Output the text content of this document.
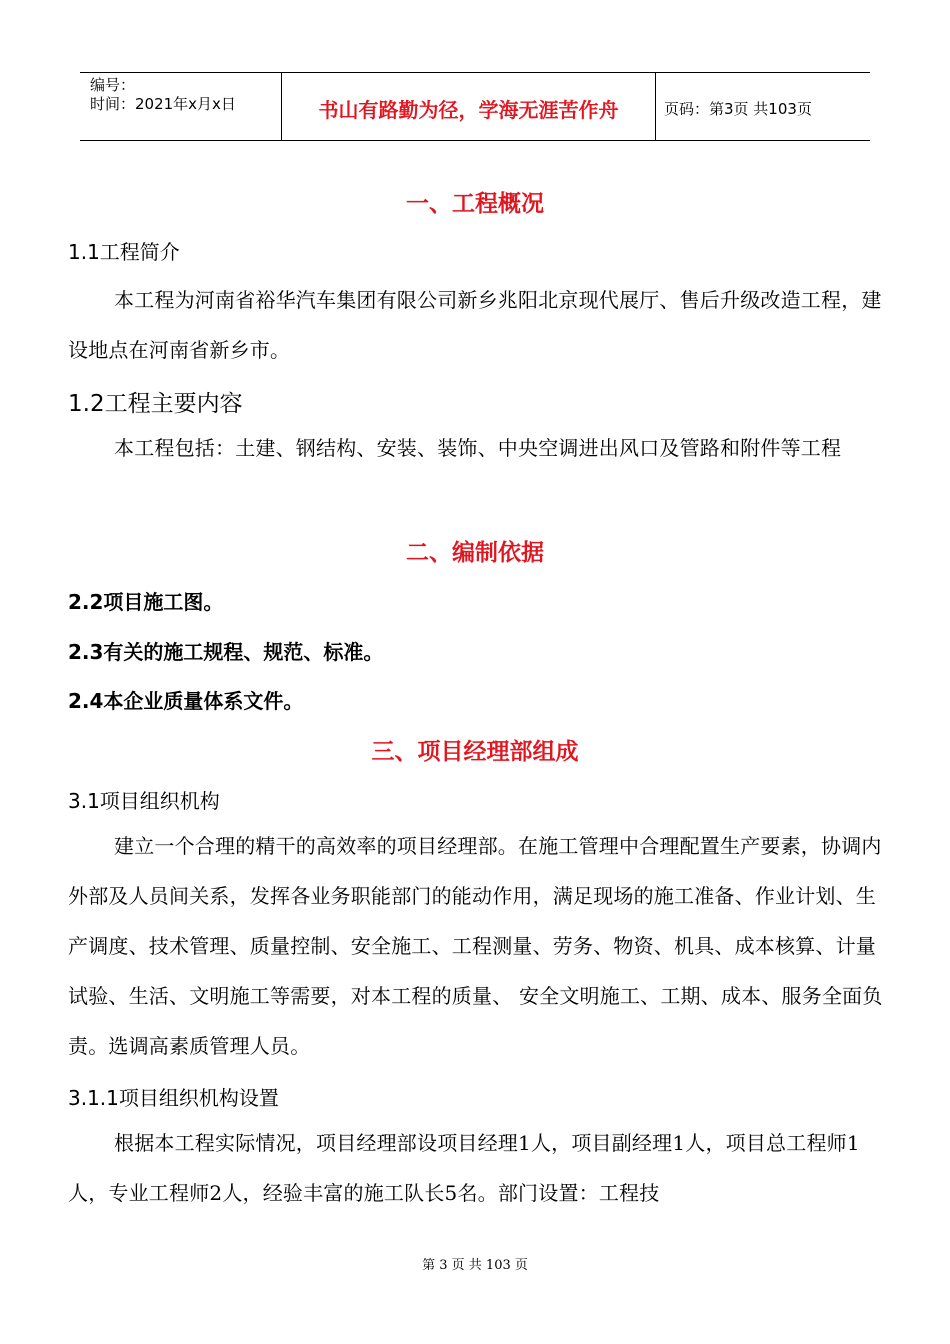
编号：
时间：2021年x月x日	书山有路勤为径，学海无涯苦作舟	页码：第3页 共103页
一、工程概况
1.1工程简介

本工程为河南省裕华汽车集团有限公司新乡兆阳北京现代展厅、售后升级改造工程，建设地点在河南省新乡市。

1.2工程主要内容

本工程包括：土建、钢结构、安装、装饰、中央空调进出风口及管路和附件等工程

二、编制依据
2.2项目施工图。
2.3有关的施工规程、规范、标准。
2.4本企业质量体系文件。
三、项目经理部组成
3.1项目组织机构

建立一个合理的精干的高效率的项目经理部。在施工管理中合理配置生产要素，协调内外部及人员间关系，发挥各业务职能部门的能动作用，满足现场的施工准备、作业计划、生产调度、技术管理、质量控制、安全施工、工程测量、劳务、物资、机具、成本核算、计量试验、生活、文明施工等需要，对本工程的质量、 安全文明施工、工期、成本、服务全面负责。选调高素质管理人员。

3.1.1项目组织机构设置

根据本工程实际情况，项目经理部设项目经理1人，项目副经理1人，项目总工程师1人，专业工程师2人，经验丰富的施工队长5名。部门设置：工程技

第 3 页 共 103 页
